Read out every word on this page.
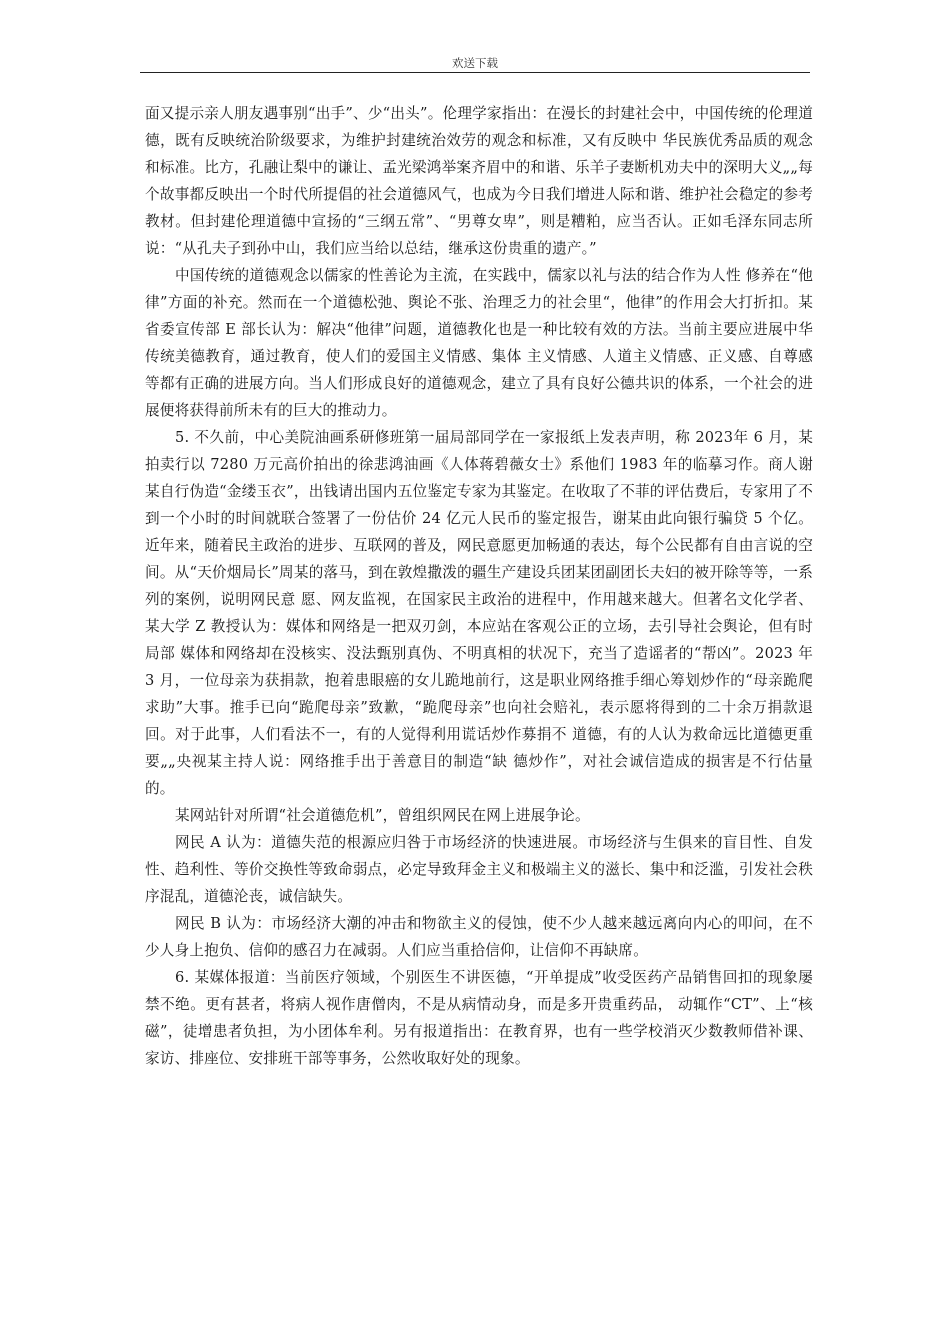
欢送下载

面又提示亲人朋友遇事别“出手”、少“出头”。伦理学家指出：在漫长的封建社会中，中国传统的伦理道德，既有反映统治阶级要求，为维护封建统治效劳的观念和标准，又有反映中 华民族优秀品质的观念和标准。比方，孔融让梨中的谦让、孟光梁鸿举案齐眉中的和谐、乐羊子妻断机劝夫中的深明大义„„每个故事都反映出一个时代所提倡的社会道德风气，也成为今日我们增进人际和谐、维护社会稳定的参考教材。但封建伦理道德中宣扬的“三纲五常”、“男尊女卑”，则是糟粕，应当否认。正如毛泽东同志所说：“从孔夫子到孙中山，我们应当给以总结，继承这份贵重的遗产。”

中国传统的道德观念以儒家的性善论为主流，在实践中，儒家以礼与法的结合作为人性 修养在“他律”方面的补充。然而在一个道德松弛、舆论不张、治理乏力的社会里“，他律”的作用会大打折扣。某省委宣传部 E 部长认为：解决“他律”问题，道德教化也是一种比较有效的方法。当前主要应进展中华传统美德教育，通过教育，使人们的爱国主义情感、集体 主义情感、人道主义情感、正义感、自尊感等都有正确的进展方向。当人们形成良好的道德观念，建立了具有良好公德共识的体系，一个社会的进展便将获得前所未有的巨大的推动力。

5. 不久前，中心美院油画系研修班第一届局部同学在一家报纸上发表声明，称 2023年 6 月，某拍卖行以 7280 万元高价拍出的徐悲鸿油画《人体蒋碧薇女士》系他们 1983 年的临摹习作。商人谢某自行伪造“金缕玉衣”，出钱请出国内五位鉴定专家为其鉴定。在收取了不菲的评估费后，专家用了不到一个小时的时间就联合签署了一份估价 24 亿元人民币的鉴定报告，谢某由此向银行骗贷 5 个亿。近年来，随着民主政治的进步、互联网的普及，网民意愿更加畅通的表达，每个公民都有自由言说的空间。从“天价烟局长”周某的落马，到在敦煌撒泼的疆生产建设兵团某团副团长夫妇的被开除等等，一系列的案例，说明网民意 愿、网友监视，在国家民主政治的进程中，作用越来越大。但著名文化学者、某大学 Z 教授认为：媒体和网络是一把双刃剑，本应站在客观公正的立场，去引导社会舆论，但有时局部 媒体和网络却在没核实、没法甄别真伪、不明真相的状况下，充当了造谣者的“帮凶”。2023 年 3 月，一位母亲为获捐款，抱着患眼癌的女儿跪地前行，这是职业网络推手细心筹划炒作的“母亲跪爬求助”大事。推手已向“跪爬母亲”致歉，“跪爬母亲”也向社会赔礼，表示愿将得到的二十余万捐款退回。对于此事，人们看法不一，有的人觉得利用谎话炒作募捐不 道德，有的人认为救命远比道德更重要„„央视某主持人说：网络推手出于善意目的制造“缺 德炒作”，对社会诚信造成的损害是不行估量的。

某网站针对所谓“社会道德危机”，曾组织网民在网上进展争论。

网民 A 认为：道德失范的根源应归咎于市场经济的快速进展。市场经济与生俱来的盲目性、自发性、趋利性、等价交换性等致命弱点，必定导致拜金主义和极端主义的滋长、集中和泛滥，引发社会秩序混乱，道德沦丧，诚信缺失。

网民 B 认为：市场经济大潮的冲击和物欲主义的侵蚀，使不少人越来越远离向内心的叩问，在不少人身上抱负、信仰的感召力在减弱。人们应当重拾信仰，让信仰不再缺席。

6. 某媒体报道：当前医疗领域，个别医生不讲医德，“开单提成”收受医药产品销售回扣的现象屡禁不绝。更有甚者，将病人视作唐僧肉，不是从病情动身，而是多开贵重药品， 动辄作“CT”、上“核磁”，徒增患者负担，为小团体牟利。另有报道指出：在教育界，也有一些学校消灭少数教师借补课、家访、排座位、安排班干部等事务，公然收取好处的现象。
